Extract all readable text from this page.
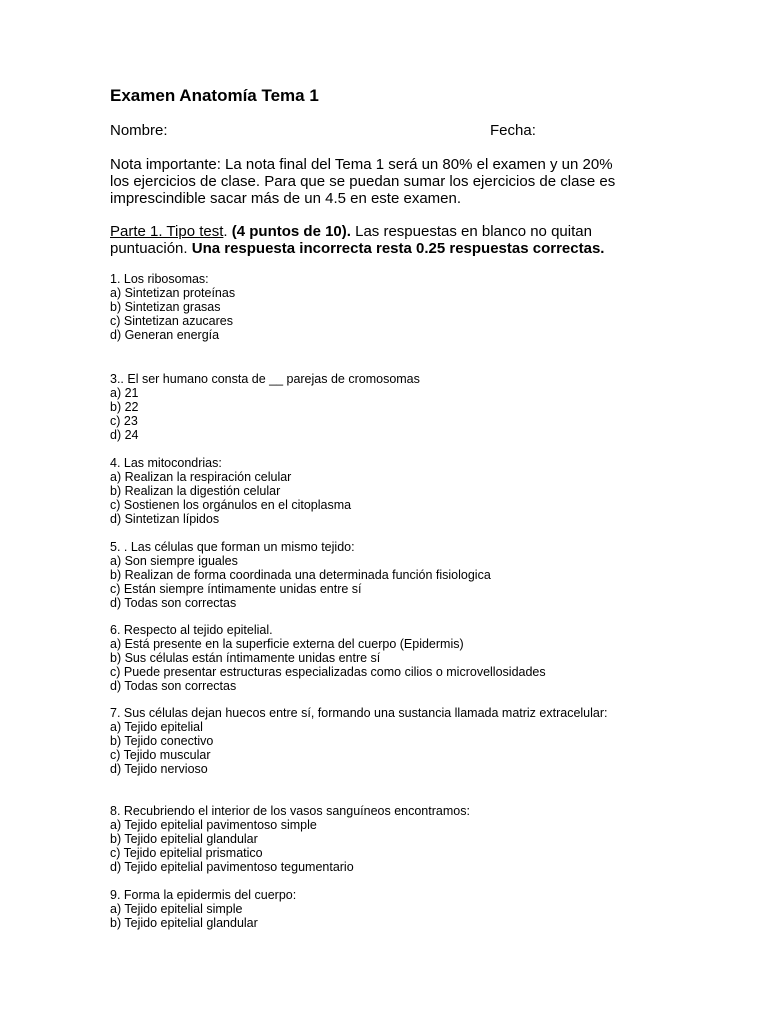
Examen Anatomía Tema 1
Nombre:	Fecha:
Nota importante: La nota final del Tema 1 será un 80% el examen y un 20%
los ejercicios de clase. Para que se puedan sumar los ejercicios de clase es
imprescindible sacar más de un 4.5 en este examen.
Parte 1. Tipo test. (4 puntos de 10). Las respuestas en blanco no quitan
puntuación. Una respuesta incorrecta resta 0.25 respuestas correctas.
1. Los ribosomas:
a) Sintetizan proteínas
b) Sintetizan grasas
c) Sintetizan azucares
d) Generan energía
3.. El ser humano consta de __ parejas de cromosomas
a) 21
b) 22
c) 23
d) 24
4. Las mitocondrias:
a) Realizan la respiración celular
b) Realizan la digestión celular
c) Sostienen los orgánulos en el citoplasma
d) Sintetizan lípidos
5. . Las células que forman un mismo tejido:
a) Son siempre iguales
b) Realizan de forma coordinada una determinada función fisiologica
c) Están siempre íntimamente unidas entre sí
d) Todas son correctas
6. Respecto al tejido epitelial.
a) Está presente en la superficie externa del cuerpo (Epidermis)
b) Sus células están íntimamente unidas entre sí
c) Puede presentar estructuras especializadas como cilios o microvellosidades
d) Todas son correctas
7. Sus células dejan huecos entre sí, formando una sustancia llamada matriz extracelular:
a) Tejido epitelial
b) Tejido conectivo
c) Tejido muscular
d) Tejido nervioso
8. Recubriendo el interior de los vasos sanguíneos encontramos:
a) Tejido epitelial pavimentoso simple
b) Tejido epitelial glandular
c) Tejido epitelial prismatico
d) Tejido epitelial pavimentoso tegumentario
9. Forma la epidermis del cuerpo:
a) Tejido epitelial simple
b) Tejido epitelial glandular
